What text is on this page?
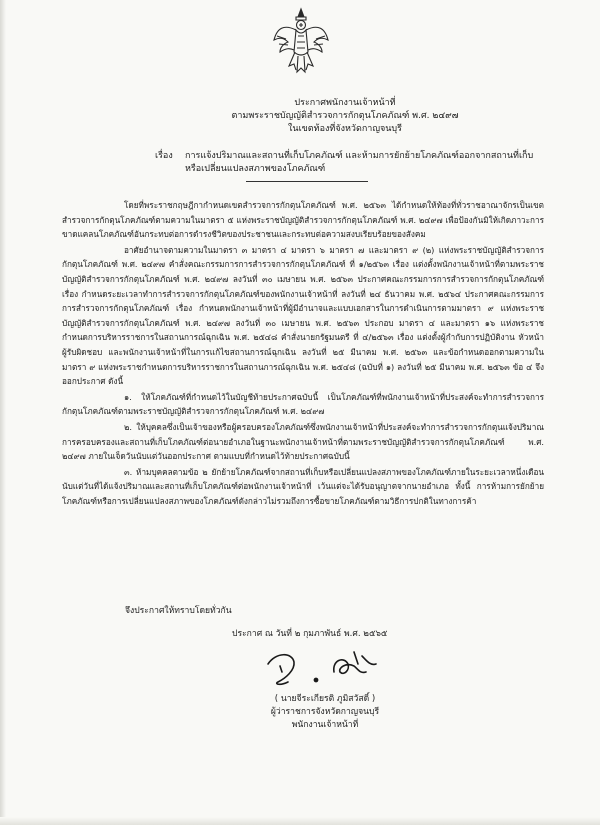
ประกาศพนักงานเจ้าหน้าที่
ตามพระราชบัญญัติสำรวจการกักตุนโภคภัณฑ์ พ.ศ. ๒๔๙๗
ในเขตท้องที่จังหวัดกาญจนบุรี
เรื่อง การแจ้งปริมาณและสถานที่เก็บโภคภัณฑ์ และห้ามการยักย้ายโภคภัณฑ์ออกจากสถานที่เก็บหรือเปลี่ยนแปลงสภาพของโภคภัณฑ์

โดยที่พระราชกฤษฎีกากำหนดเขตสำรวจการกักตุนโภคภัณฑ์ พ.ศ. ๒๕๖๓ ได้กำหนดให้ท้องที่ทั่วราชอาณาจักรเป็นเขตสำรวจการกักตุนโภคภัณฑ์ตามความในมาตรา ๕ แห่งพระราชบัญญัติสำรวจการกักตุนโภคภัณฑ์ พ.ศ. ๒๔๙๗ เพื่อป้องกันมิให้เกิดภาวะการขาดแคลนโภคภัณฑ์อันกระทบต่อการดำรงชีวิตของประชาชนและกระทบต่อความสงบเรียบร้อยของสังคม

อาศัยอำนาจตามความในมาตรา ๓ มาตรา ๔ มาตรา ๖ มาตรา ๗ และมาตรา ๙ (๒) แห่งพระราชบัญญัติสำรวจการกักตุนโภคภัณฑ์ พ.ศ. ๒๔๙๗ คำสั่งคณะกรรมการการสำรวจการกักตุนโภคภัณฑ์ ที่ ๑/๒๕๖๓ เรื่อง แต่งตั้งพนักงานเจ้าหน้าที่ตามพระราชบัญญัติสำรวจการกักตุนโภคภัณฑ์ พ.ศ. ๒๔๙๗ ลงวันที่ ๓๐ เมษายน พ.ศ. ๒๕๖๓ ประกาศคณะกรรมการการสำรวจการกักตุนโภคภัณฑ์ เรื่อง กำหนดระยะเวลาทำการสำรวจการกักตุนโภคภัณฑ์ของพนักงานเจ้าหน้าที่ ลงวันที่ ๒๔ ธันวาคม พ.ศ. ๒๕๖๔ ประกาศคณะกรรมการการสำรวจการกักตุนโภคภัณฑ์ เรื่อง กำหนดพนักงานเจ้าหน้าที่ผู้มีอำนาจและแบบเอกสารในการดำเนินการตามมาตรา ๙ แห่งพระราชบัญญัติสำรวจการกักตุนโภคภัณฑ์ พ.ศ. ๒๔๙๗ ลงวันที่ ๓๐ เมษายน พ.ศ. ๒๕๖๓ ประกอบ มาตรา ๔ และมาตรา ๑๖ แห่งพระราชกำหนดการบริหารราชการในสถานการณ์ฉุกเฉิน พ.ศ. ๒๕๔๘ คำสั่งนายกรัฐมนตรี ที่ ๔/๒๕๖๓ เรื่อง แต่งตั้งผู้กำกับการปฏิบัติงาน หัวหน้าผู้รับผิดชอบ และพนักงานเจ้าหน้าที่ในการแก้ไขสถานการณ์ฉุกเฉิน ลงวันที่ ๒๕ มีนาคม พ.ศ. ๒๕๖๓ และข้อกำหนดออกตามความในมาตรา ๙ แห่งพระราชกำหนดการบริหารราชการในสถานการณ์ฉุกเฉิน พ.ศ. ๒๕๔๘ (ฉบับที่ ๑) ลงวันที่ ๒๕ มีนาคม พ.ศ. ๒๕๖๓ ข้อ ๔ จึงออกประกาศ ดังนี้

๑. ให้โภคภัณฑ์ที่กำหนดไว้ในบัญชีท้ายประกาศฉบับนี้ เป็นโภคภัณฑ์ที่พนักงานเจ้าหน้าที่ประสงค์จะทำการสำรวจการกักตุนโภคภัณฑ์ตามพระราชบัญญัติสำรวจการกักตุนโภคภัณฑ์ พ.ศ. ๒๔๙๗

๒. ให้บุคคลซึ่งเป็นเจ้าของหรือผู้ครอบครองโภคภัณฑ์ซึ่งพนักงานเจ้าหน้าที่ประสงค์จะทำการสำรวจการกักตุนแจ้งปริมาณการครอบครองและสถานที่เก็บโภคภัณฑ์ต่อนายอำเภอในฐานะพนักงานเจ้าหน้าที่ตามพระราชบัญญัติสำรวจการกักตุนโภคภัณฑ์ พ.ศ. ๒๔๙๗ ภายในเจ็ดวันนับแต่วันออกประกาศ ตามแบบที่กำหนดไว้ท้ายประกาศฉบับนี้

๓. ห้ามบุคคลตามข้อ ๒ ยักย้ายโภคภัณฑ์จากสถานที่เก็บหรือเปลี่ยนแปลงสภาพของโภคภัณฑ์ภายในระยะเวลาหนึ่งเดือนนับแต่วันที่ได้แจ้งปริมาณและสถานที่เก็บโภคภัณฑ์ต่อพนักงานเจ้าหน้าที่ เว้นแต่จะได้รับอนุญาตจากนายอำเภอ ทั้งนี้ การห้ามการยักย้ายโภคภัณฑ์หรือการเปลี่ยนแปลงสภาพของโภคภัณฑ์ดังกล่าวไม่รวมถึงการซื้อขายโภคภัณฑ์ตามวิธีการปกติในทางการค้า

จึงประกาศให้ทราบโดยทั่วกัน
ประกาศ ณ วันที่ ๒ กุมภาพันธ์ พ.ศ. ๒๕๖๕
( นายจีระเกียรติ ภูมิสวัสดิ์ )
ผู้ว่าราชการจังหวัดกาญจนบุรี
พนักงานเจ้าหน้าที่
